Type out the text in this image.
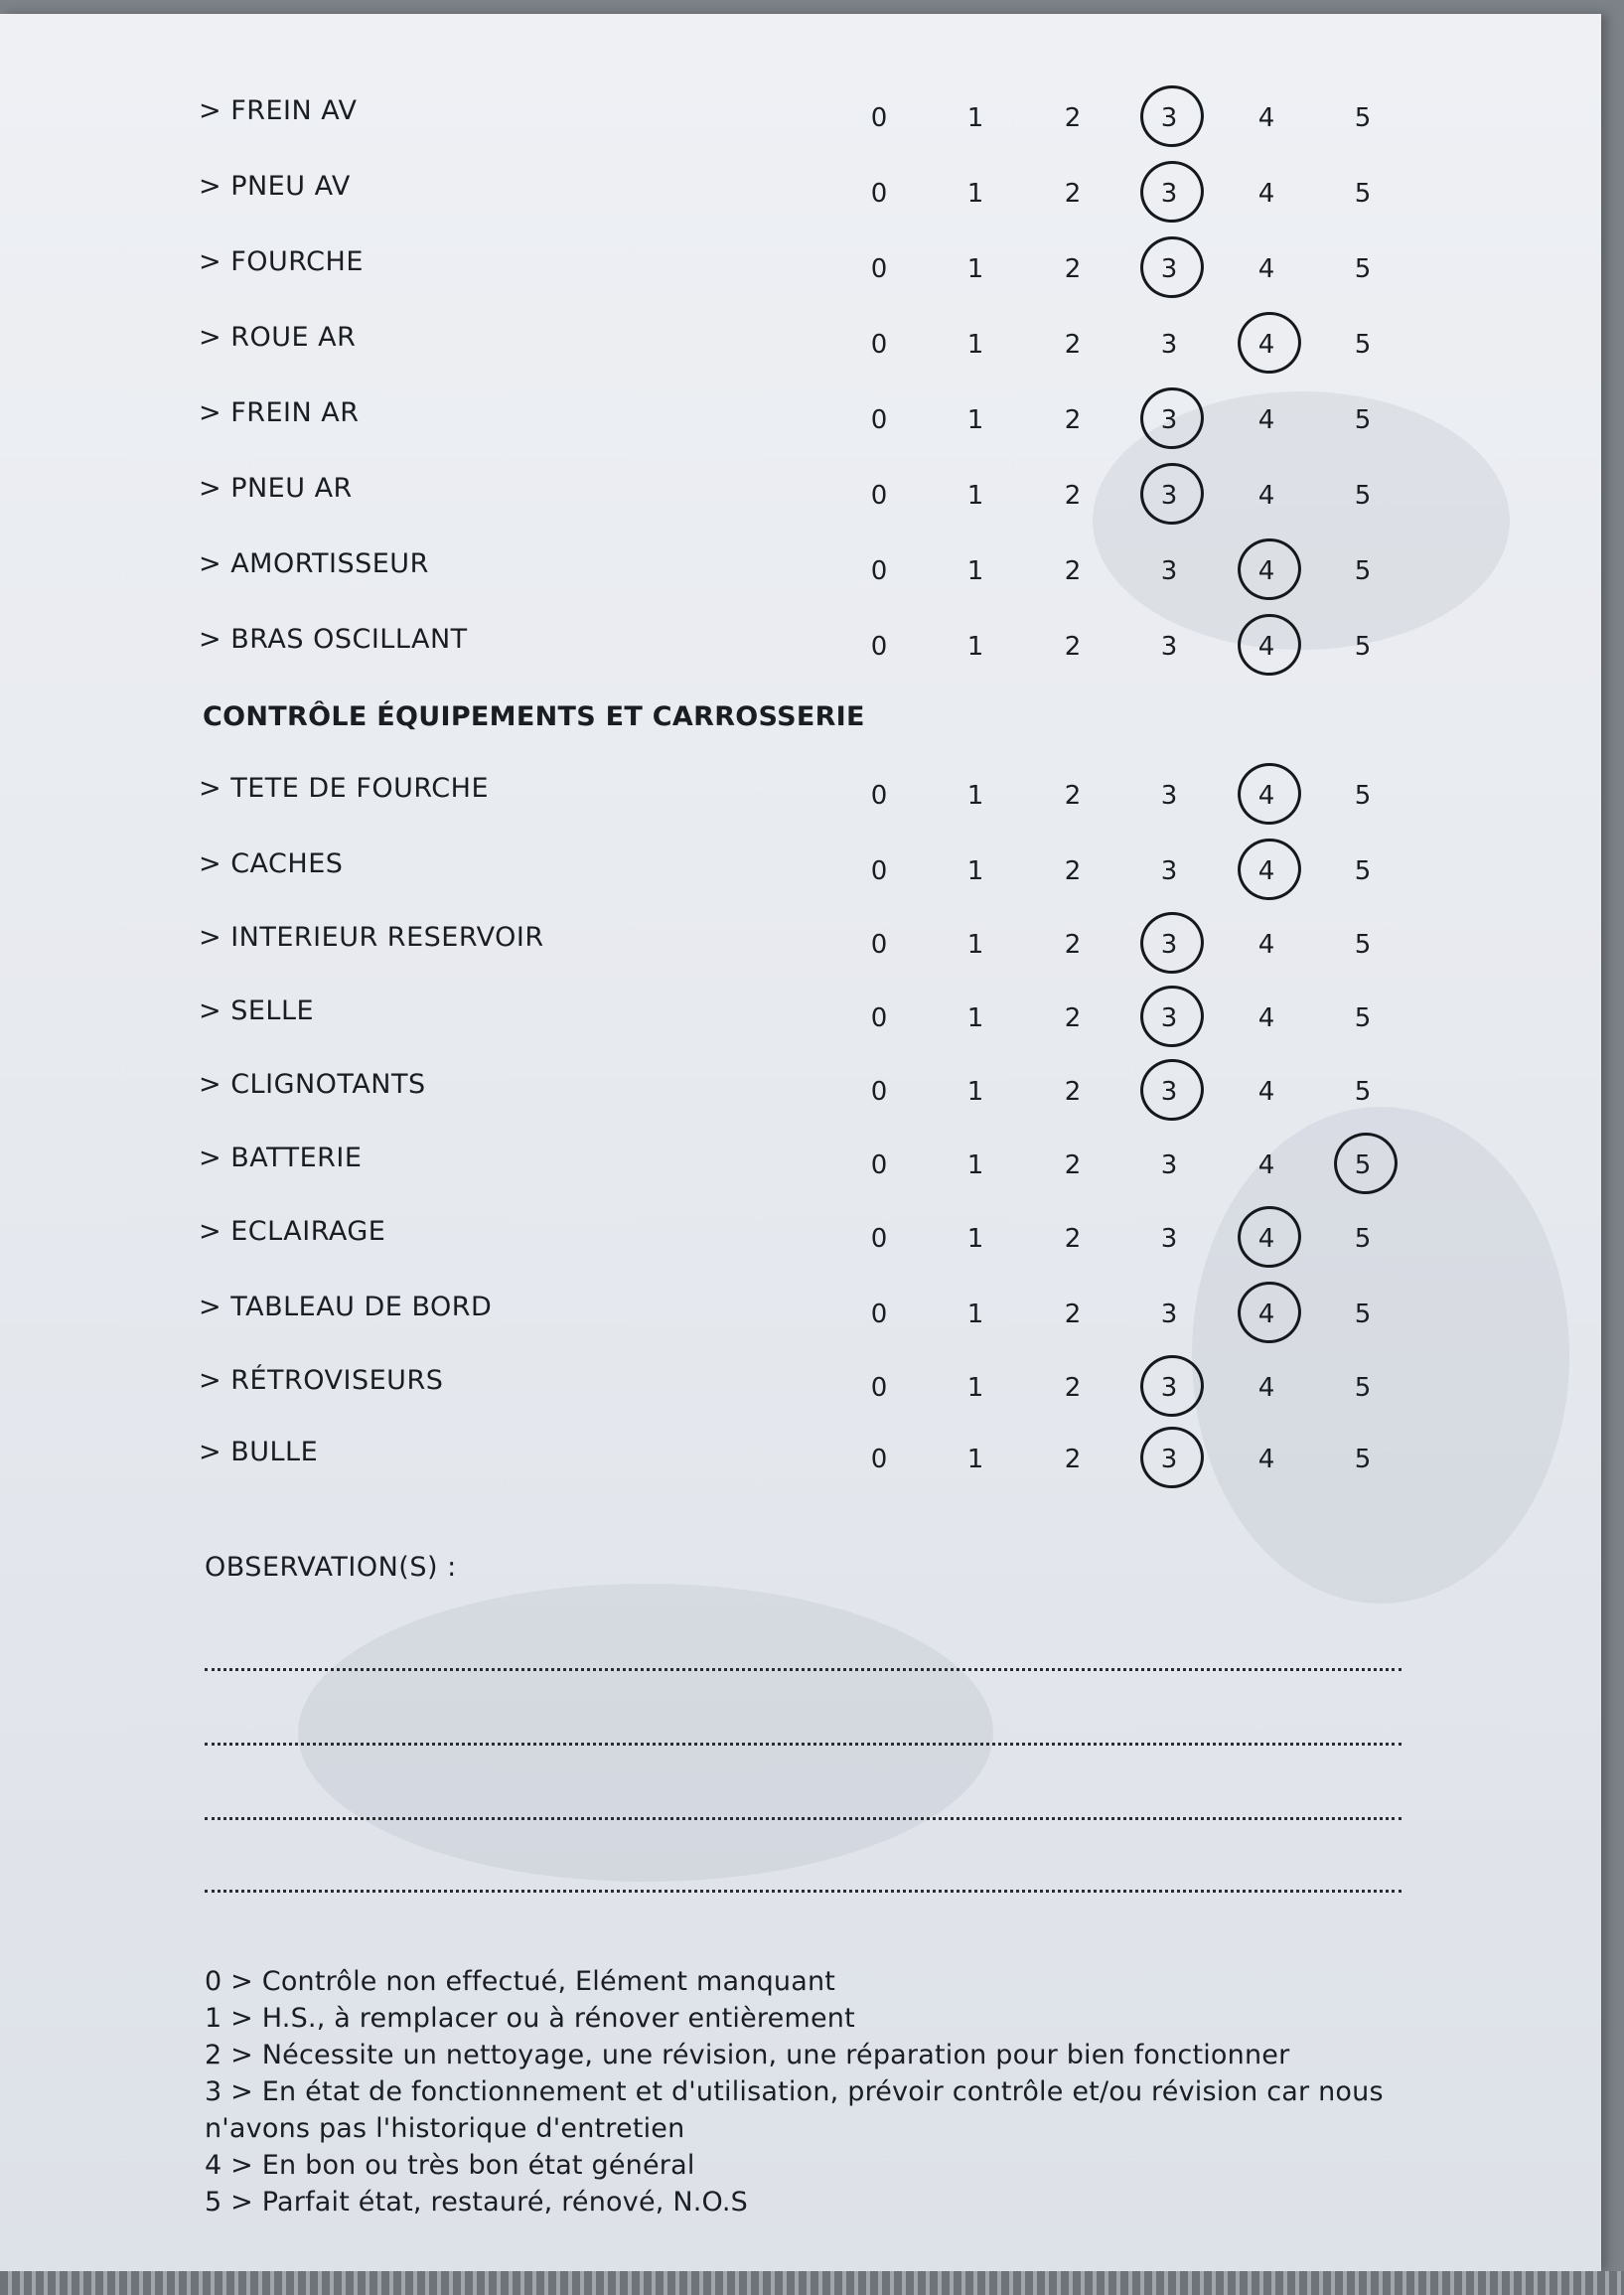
> FREIN AV	0	1	2	3	4	5
> PNEU AV	0	1	2	3	4	5
> FOURCHE	0	1	2	3	4	5
> ROUE AR	0	1	2	3	4	5
> FREIN AR	0	1	2	3	4	5
> PNEU AR	0	1	2	3	4	5
> AMORTISSEUR	0	1	2	3	4	5
> BRAS OSCILLANT	0	1	2	3	4	5
CONTRÔLE ÉQUIPEMENTS ET CARROSSERIE
> TETE DE FOURCHE	0	1	2	3	4	5
> CACHES	0	1	2	3	4	5
> INTERIEUR RESERVOIR	0	1	2	3	4	5
> SELLE	0	1	2	3	4	5
> CLIGNOTANTS	0	1	2	3	4	5
> BATTERIE	0	1	2	3	4	5
> ECLAIRAGE	0	1	2	3	4	5
> TABLEAU DE BORD	0	1	2	3	4	5
> RÉTROVISEURS	0	1	2	3	4	5
> BULLE	0	1	2	3	4	5
OBSERVATION(S) :
0 > Contrôle non effectué, Elément manquant
1 > H.S., à remplacer ou à rénover entièrement
2 > Nécessite un nettoyage, une révision, une réparation pour bien fonctionner
3 > En état de fonctionnement et d'utilisation, prévoir contrôle et/ou révision car nous n'avons pas l'historique d'entretien
4 > En bon ou très bon état général
5 > Parfait état, restauré, rénové, N.O.S
